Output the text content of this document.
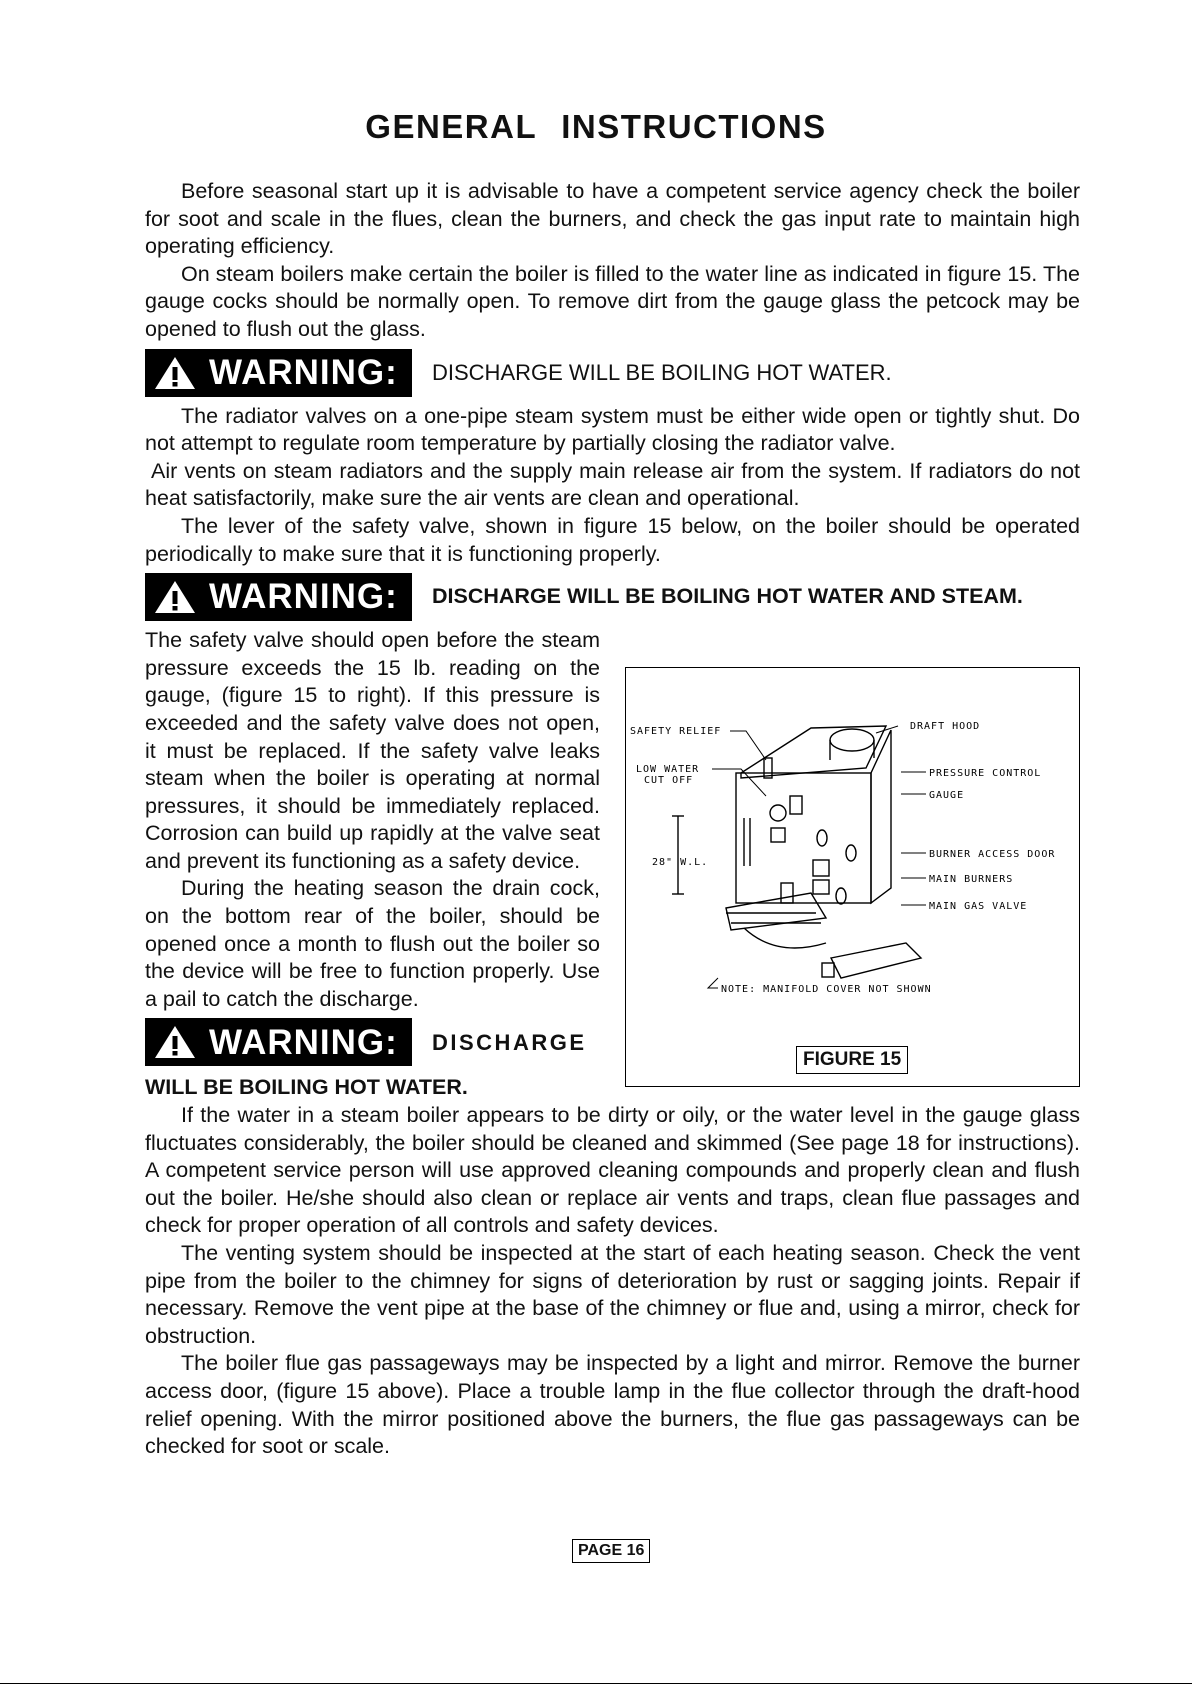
GENERAL INSTRUCTIONS

Before seasonal start up it is advisable to have a competent service agency check the boiler for soot and scale in the flues, clean the burners, and check the gas input rate to maintain high operating efficiency.

On steam boilers make certain the boiler is filled to the water line as indicated in figure 15. The gauge cocks should be normally open. To remove dirt from the gauge glass the petcock may be opened to flush out the glass.

WARNING: DISCHARGE WILL BE BOILING HOT WATER.

The radiator valves on a one-pipe steam system must be either wide open or tightly shut. Do not attempt to regulate room temperature by partially closing the radiator valve.

Air vents on steam radiators and the supply main release air from the system. If radiators do not heat satisfactorily, make sure the air vents are clean and operational.

The lever of the safety valve, shown in figure 15 below, on the boiler should be operated periodically to make sure that it is functioning properly.

WARNING: DISCHARGE WILL BE BOILING HOT WATER AND STEAM.

The safety valve should open before the steam pressure exceeds the 15 lb. reading on the gauge, (figure 15 to right). If this pressure is exceeded and the safety valve does not open, it must be replaced. If the safety valve leaks steam when the boiler is operating at normal pressures, it should be immediately replaced. Corrosion can build up rapidly at the valve seat and prevent its functioning as a safety device.

During the heating season the drain cock, on the bottom rear of the boiler, should be opened once a month to flush out the boiler so the device will be free to function properly. Use a pail to catch the discharge.

WARNING: DISCHARGE
SAFETY RELIEF
LOW WATER
CUT OFF
28" W.L.
DRAFT HOOD
PRESSURE CONTROL
GAUGE
BURNER ACCESS DOOR
MAIN BURNERS
MAIN GAS VALVE
NOTE: MANIFOLD COVER NOT SHOWN
FIGURE 15

WILL BE BOILING HOT WATER.

If the water in a steam boiler appears to be dirty or oily, or the water level in the gauge glass fluctuates considerably, the boiler should be cleaned and skimmed (See page 18 for instructions). A competent service person will use approved cleaning compounds and properly clean and flush out the boiler. He/she should also clean or replace air vents and traps, clean flue passages and check for proper operation of all controls and safety devices.

The venting system should be inspected at the start of each heating season. Check the vent pipe from the boiler to the chimney for signs of deterioration by rust or sagging joints. Repair if necessary. Remove the vent pipe at the base of the chimney or flue and, using a mirror, check for obstruction.

The boiler flue gas passageways may be inspected by a light and mirror. Remove the burner access door, (figure 15 above). Place a trouble lamp in the flue collector through the draft-hood relief opening. With the mirror positioned above the burners, the flue gas passageways can be checked for soot or scale.

PAGE 16
